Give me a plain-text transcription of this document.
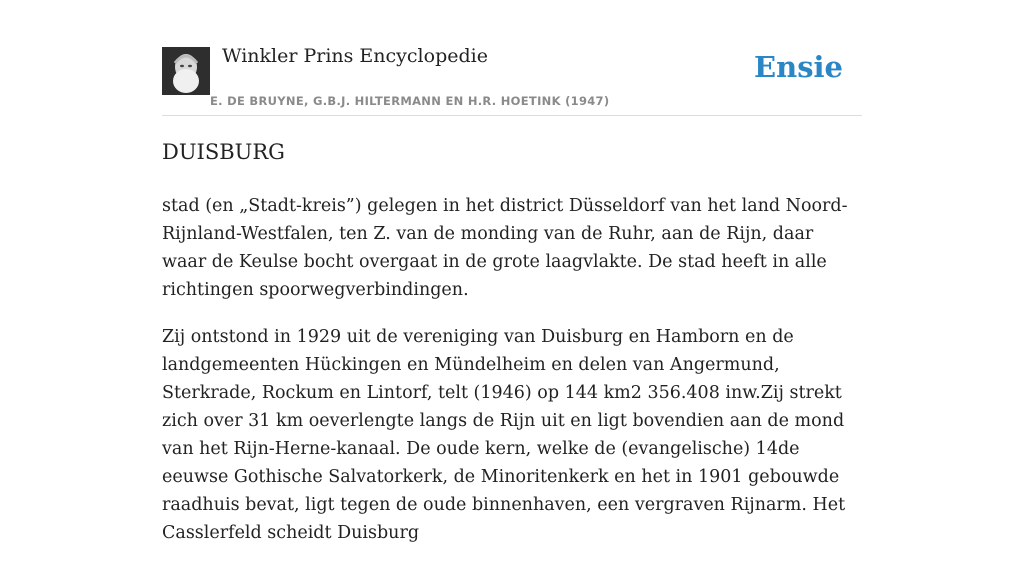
Winkler Prins Encyclopedie
E. DE BRUYNE, G.B.J. HILTERMANN EN H.R. HOETINK (1947)
Ensie
DUISBURG

stad (en „Stadt-kreis”) gelegen in het district Düsseldorf van het land Noord-Rijnland-Westfalen, ten Z. van de monding van de Ruhr, aan de Rijn, daar waar de Keulse bocht overgaat in de grote laagvlakte. De stad heeft in alle richtingen spoorwegverbindingen.

Zij ontstond in 1929 uit de vereniging van Duisburg en Hamborn en de landgemeenten Hückingen en Mündelheim en delen van Angermund, Sterkrade, Rockum en Lintorf, telt (1946) op 144 km2 356.408 inw.Zij strekt zich over 31 km oeverlengte langs de Rijn uit en ligt bovendien aan de mond van het Rijn-Herne-kanaal. De oude kern, welke de (evangelische) 14de eeuwse Gothische Salvatorkerk, de Minoritenkerk en het in 1901 gebouwde raadhuis bevat, ligt tegen de oude binnenhaven, een vergraven Rijnarm. Het Casslerfeld scheidt Duisburg
